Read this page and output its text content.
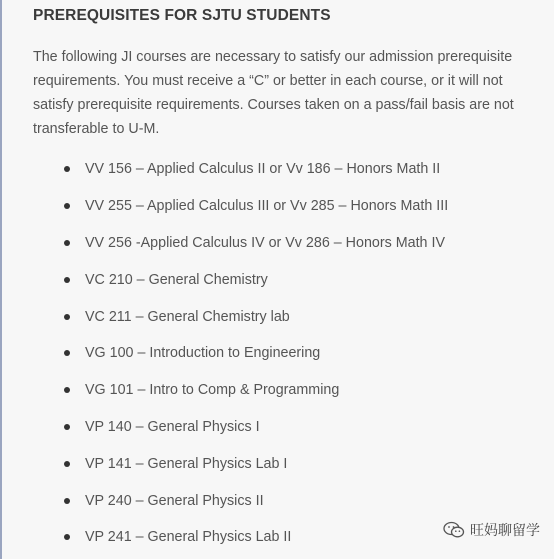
PREREQUISITES FOR SJTU STUDENTS

The following JI courses are necessary to satisfy our admission prerequisite requirements. You must receive a “C” or better in each course, or it will not satisfy prerequisite requirements. Courses taken on a pass/fail basis are not transferable to U-M.

VV 156 – Applied Calculus II or Vv 186 – Honors Math II
VV 255 – Applied Calculus III or Vv 285 – Honors Math III
VV 256 -Applied Calculus IV or Vv 286 – Honors Math IV
VC 210 – General Chemistry
VC 211 – General Chemistry lab
VG 100 – Introduction to Engineering
VG 101 – Intro to Comp & Programming
VP 140 – General Physics I
VP 141 – General Physics Lab I
VP 240 – General Physics II
VP 241 – General Physics Lab II	旺妈聊留学
